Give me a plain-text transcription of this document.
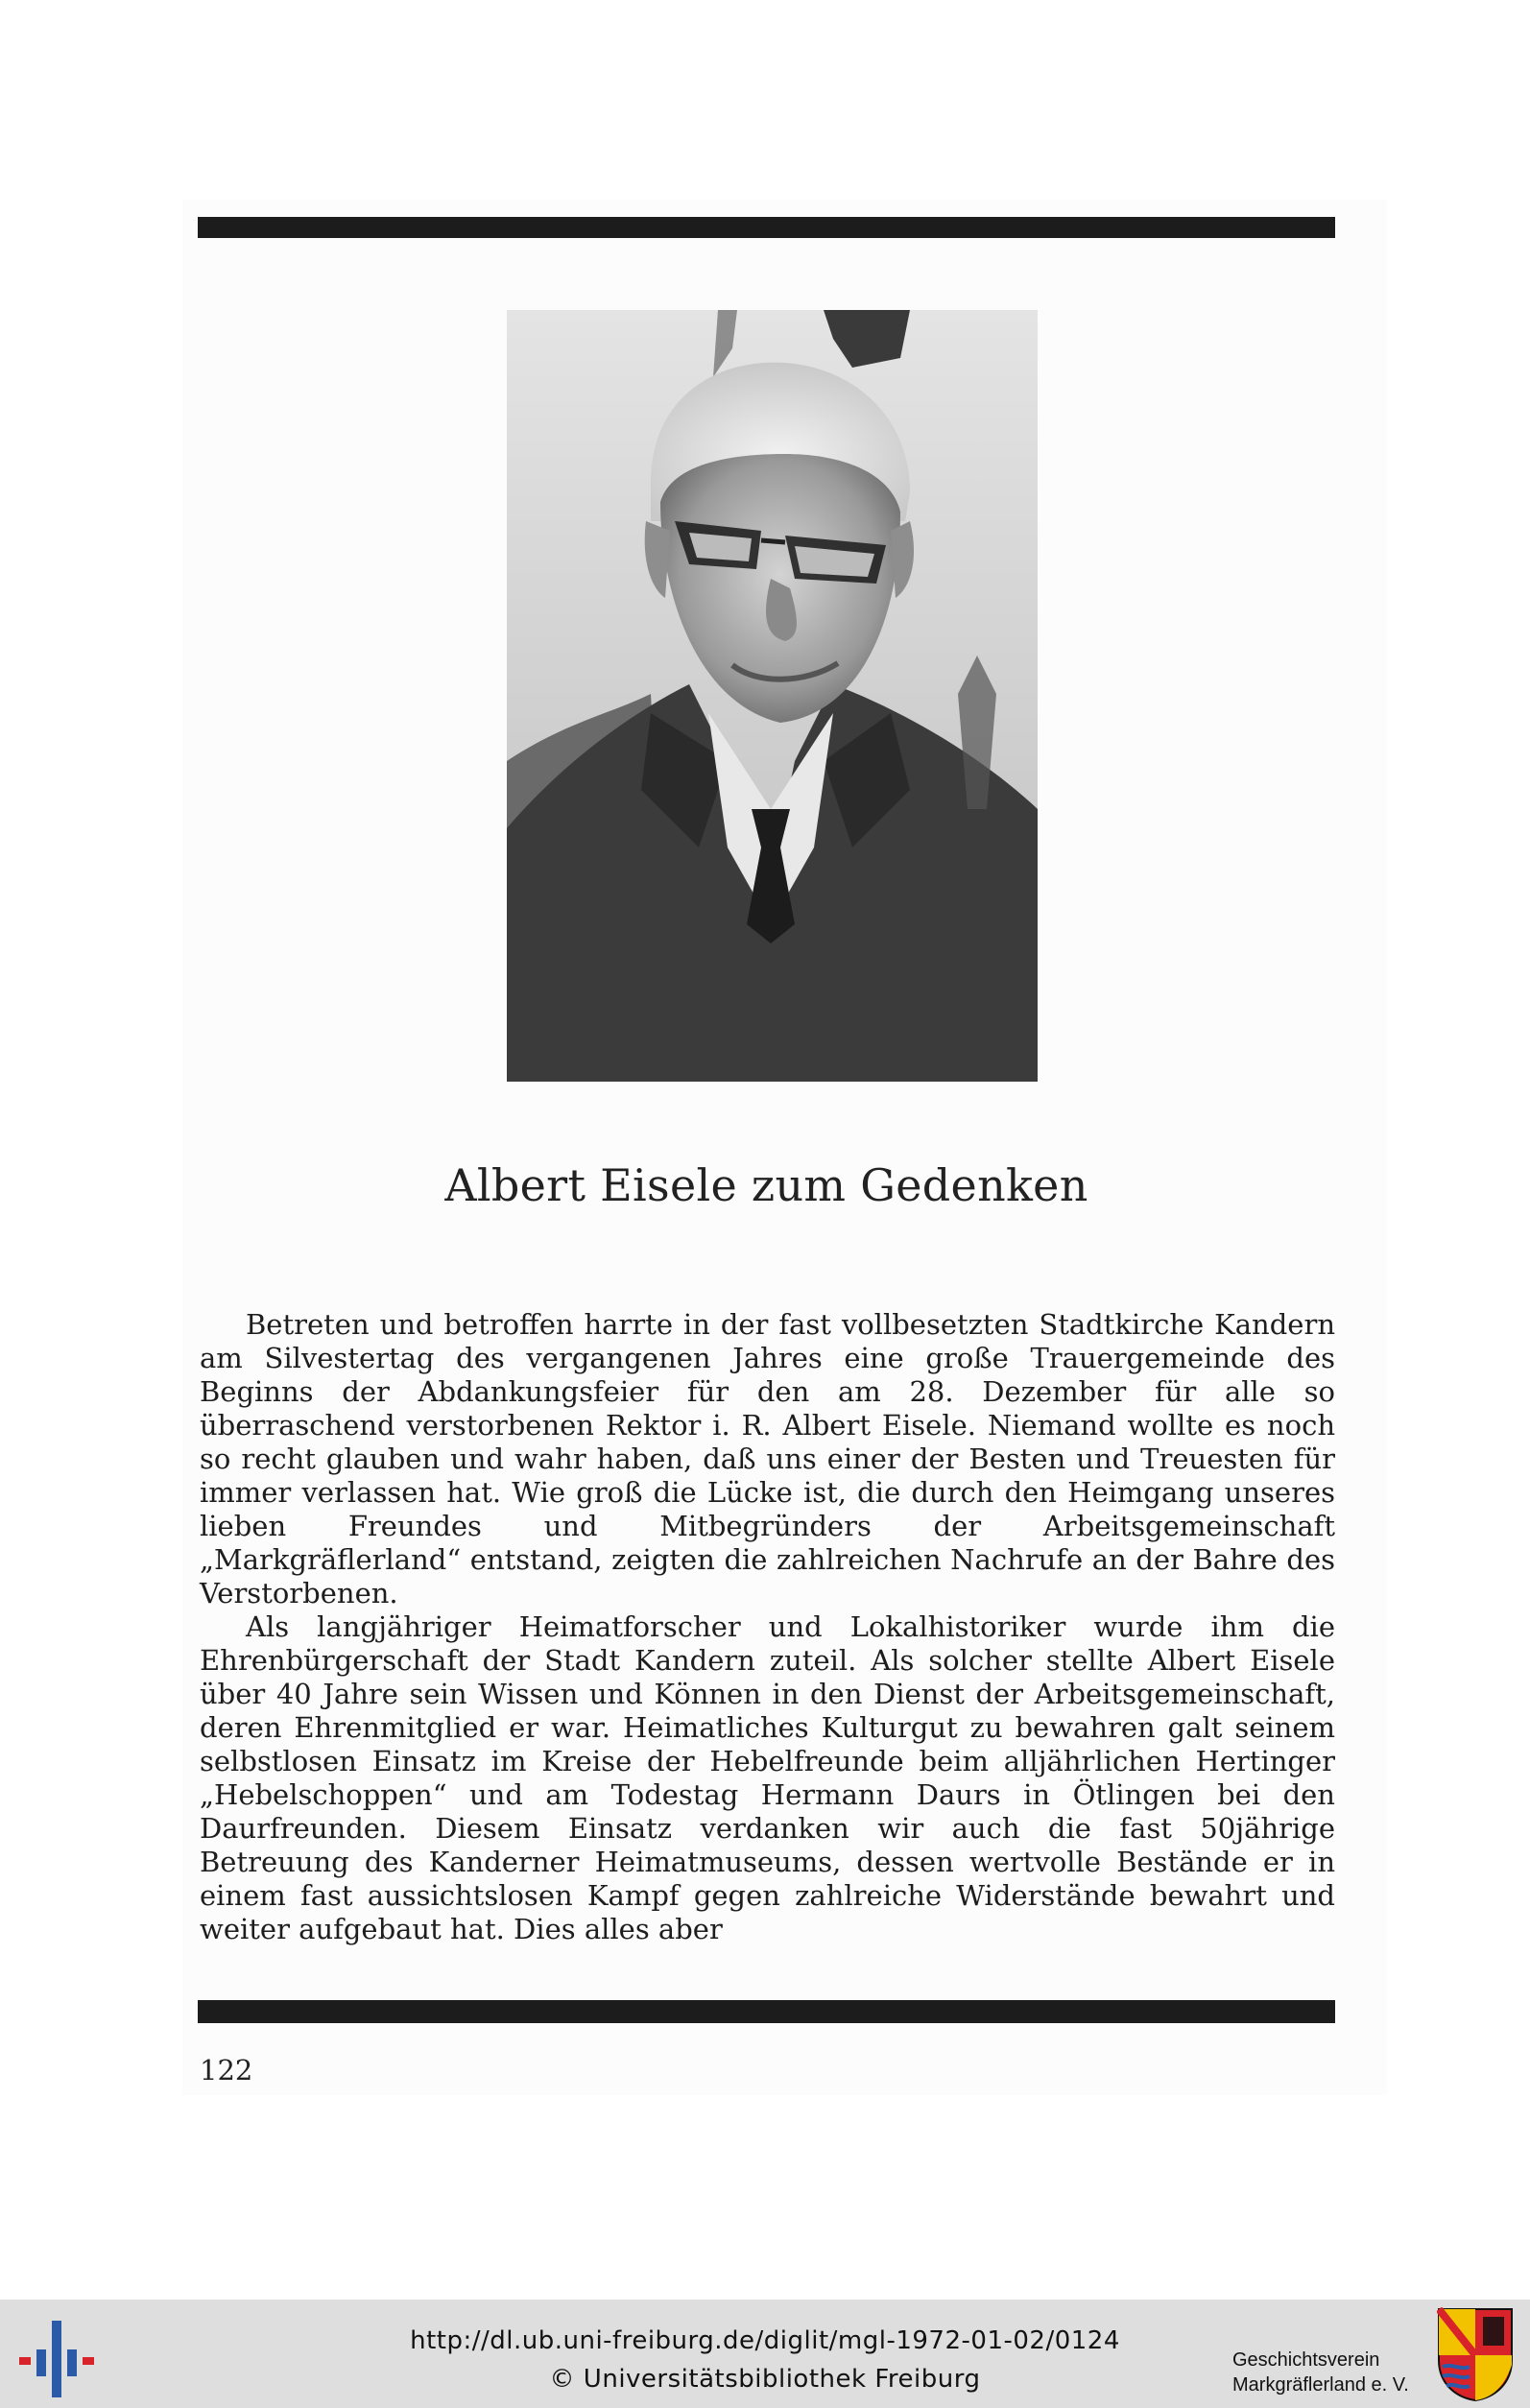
Albert Eisele zum Gedenken

Betreten und betroffen harrte in der fast vollbesetzten Stadtkirche Kandern am Silvestertag des vergangenen Jahres eine große Trauergemeinde des Beginns der Abdankungsfeier für den am 28. Dezember für alle so überraschend verstorbenen Rektor i. R. Albert Eisele. Niemand wollte es noch so recht glauben und wahr haben, daß uns einer der Besten und Treuesten für immer verlassen hat. Wie groß die Lücke ist, die durch den Heimgang unseres lieben Freundes und Mitbegründers der Arbeitsgemeinschaft „Markgräflerland“ entstand, zeigten die zahlreichen Nachrufe an der Bahre des Verstorbenen.

Als langjähriger Heimatforscher und Lokalhistoriker wurde ihm die Ehrenbürgerschaft der Stadt Kandern zuteil. Als solcher stellte Albert Eisele über 40 Jahre sein Wissen und Können in den Dienst der Arbeitsgemeinschaft, deren Ehrenmitglied er war. Heimatliches Kulturgut zu bewahren galt seinem selbstlosen Einsatz im Kreise der Hebelfreunde beim alljährlichen Hertinger „Hebelschoppen“ und am Todestag Hermann Daurs in Ötlingen bei den Daurfreunden. Diesem Einsatz verdanken wir auch die fast 50jährige Betreuung des Kanderner Heimatmuseums, dessen wertvolle Bestände er in einem fast aussichtslosen Kampf gegen zahlreiche Widerstände bewahrt und weiter aufgebaut hat. Dies alles aber

122
http://dl.ub.uni-freiburg.de/diglit/mgl-1972-01-02/0124
© Universitätsbibliothek Freiburg
Geschichtsverein
Markgräflerland e. V.
